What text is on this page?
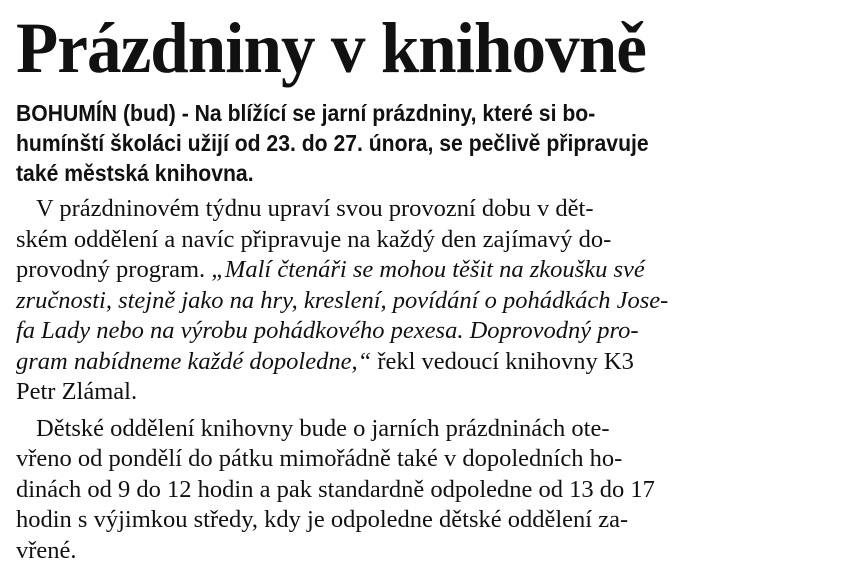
Prázdniny v knihovně
BOHUMÍN (bud) - Na blížící se jarní prázdniny, které si bo-
humínští školáci užijí od 23. do 27. února, se pečlivě připravuje
také městská knihovna.
V prázdninovém týdnu upraví svou provozní dobu v dět-
ském oddělení a navíc připravuje na každý den zajímavý do-
provodný program. „Malí čtenáři se mohou těšit na zkoušku své
zručnosti, stejně jako na hry, kreslení, povídání o pohádkách Jose-
fa Lady nebo na výrobu pohádkového pexesa. Doprovodný pro-
gram nabídneme každé dopoledne,“ řekl vedoucí knihovny K3
Petr Zlámal.
Dětské oddělení knihovny bude o jarních prázdninách ote-
vřeno od pondělí do pátku mimořádně také v dopoledních ho-
dinách od 9 do 12 hodin a pak standardně odpoledne od 13 do 17
hodin s výjimkou středy, kdy je odpoledne dětské oddělení za-
vřené.
